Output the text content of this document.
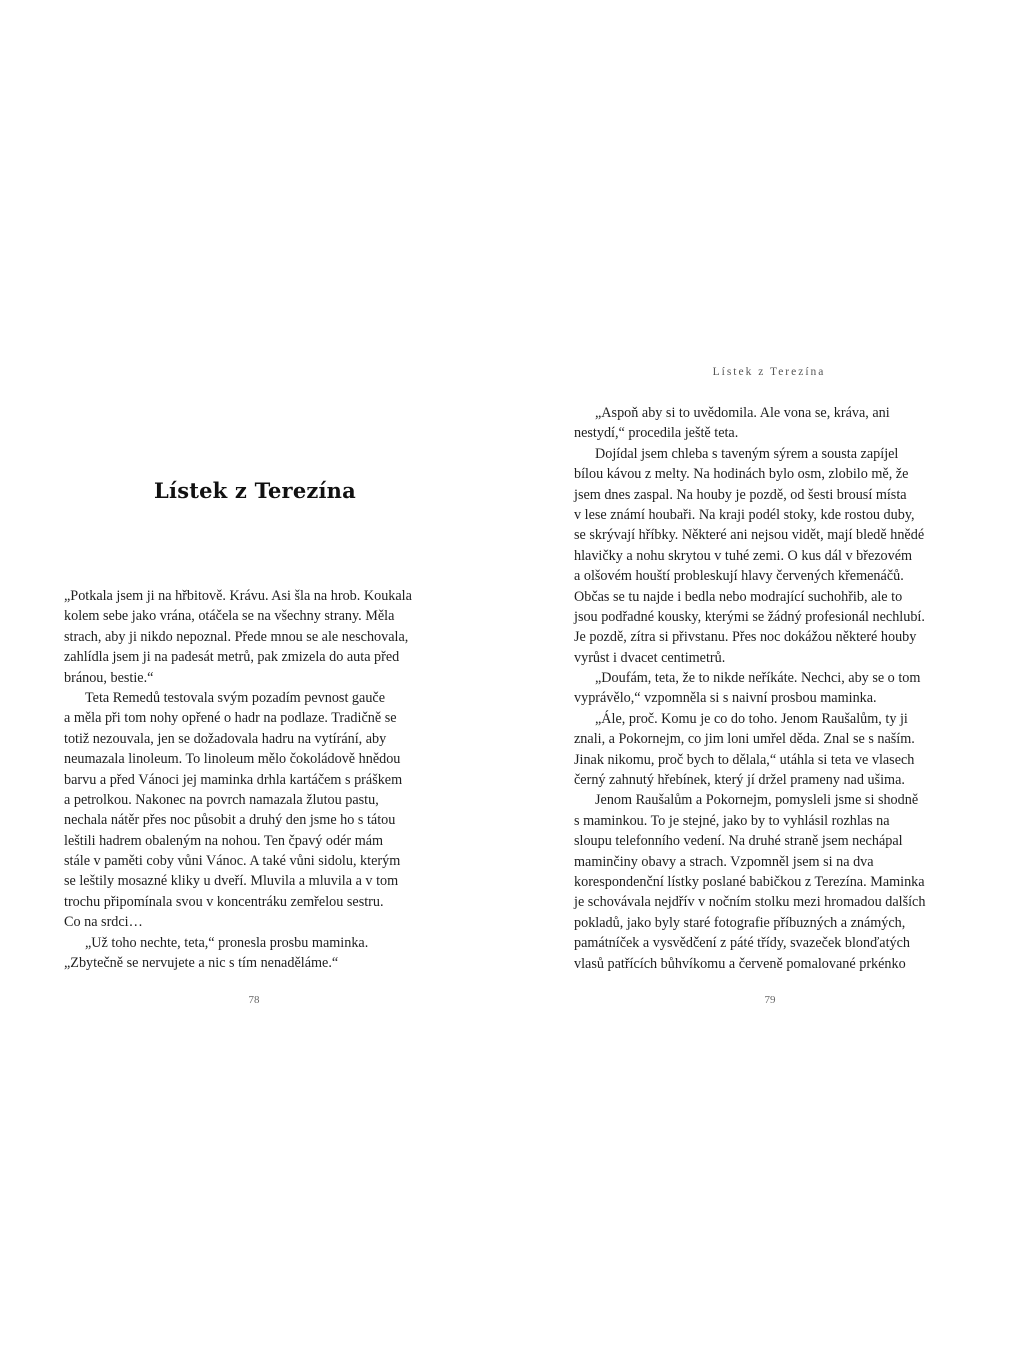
Lístek z Terezína
„Potkala jsem ji na hřbitově. Krávu. Asi šla na hrob. Koukala
kolem sebe jako vrána, otáčela se na všechny strany. Měla
strach, aby ji nikdo nepoznal. Přede mnou se ale neschovala,
zahlídla jsem ji na padesát metrů, pak zmizela do auta před
bránou, bestie.“
Teta Remedů testovala svým pozadím pevnost gauče
a měla při tom nohy opřené o hadr na podlaze. Tradičně se
totiž nezouvala, jen se dožadovala hadru na vytírání, aby
neumazala linoleum. To linoleum mělo čokoládově hnědou
barvu a před Vánoci jej maminka drhla kartáčem s práškem
a petrolkou. Nakonec na povrch namazala žlutou pastu,
nechala nátěr přes noc působit a druhý den jsme ho s tátou
leštili hadrem obaleným na nohou. Ten čpavý odér mám
stále v paměti coby vůni Vánoc. A také vůni sidolu, kterým
se leštily mosazné kliky u dveří. Mluvila a mluvila a v tom
trochu připomínala svou v koncentráku zemřelou sestru.
Co na srdci…
„Už toho nechte, teta,“ pronesla prosbu maminka.
„Zbytečně se nervujete a nic s tím nenaděláme.“
78
Lístek z Terezína
„Aspoň aby si to uvědomila. Ale vona se, kráva, ani
nestydí,“ procedila ještě teta.
Dojídal jsem chleba s taveným sýrem a sousta zapíjel
bílou kávou z melty. Na hodinách bylo osm, zlobilo mě, že
jsem dnes zaspal. Na houby je pozdě, od šesti brousí místa
v lese známí houbaři. Na kraji podél stoky, kde rostou duby,
se skrývají hříbky. Některé ani nejsou vidět, mají bledě hnědé
hlavičky a nohu skrytou v tuhé zemi. O kus dál v březovém
a olšovém houští probleskují hlavy červených křemenáčů.
Občas se tu najde i bedla nebo modrající suchohřib, ale to
jsou podřadné kousky, kterými se žádný profesionál nechlubí.
Je pozdě, zítra si přivstanu. Přes noc dokážou některé houby
vyrůst i dvacet centimetrů.
„Doufám, teta, že to nikde neříkáte. Nechci, aby se o tom
vyprávělo,“ vzpomněla si s naivní prosbou maminka.
„Ále, proč. Komu je co do toho. Jenom Raušalům, ty ji
znali, a Pokornejm, co jim loni umřel děda. Znal se s naším.
Jinak nikomu, proč bych to dělala,“ utáhla si teta ve vlasech
černý zahnutý hřebínek, který jí držel prameny nad ušima.
Jenom Raušalům a Pokornejm, pomysleli jsme si shodně
s maminkou. To je stejné, jako by to vyhlásil rozhlas na
sloupu telefonního vedení. Na druhé straně jsem nechápal
maminčiny obavy a strach. Vzpomněl jsem si na dva
korespondenční lístky poslané babičkou z Terezína. Maminka
je schovávala nejdřív v nočním stolku mezi hromadou dalších
pokladů, jako byly staré fotografie příbuzných a známých,
památníček a vysvědčení z páté třídy, svazeček blonďatých
vlasů patřících bůhvíkomu a červeně pomalované prkénko
79
